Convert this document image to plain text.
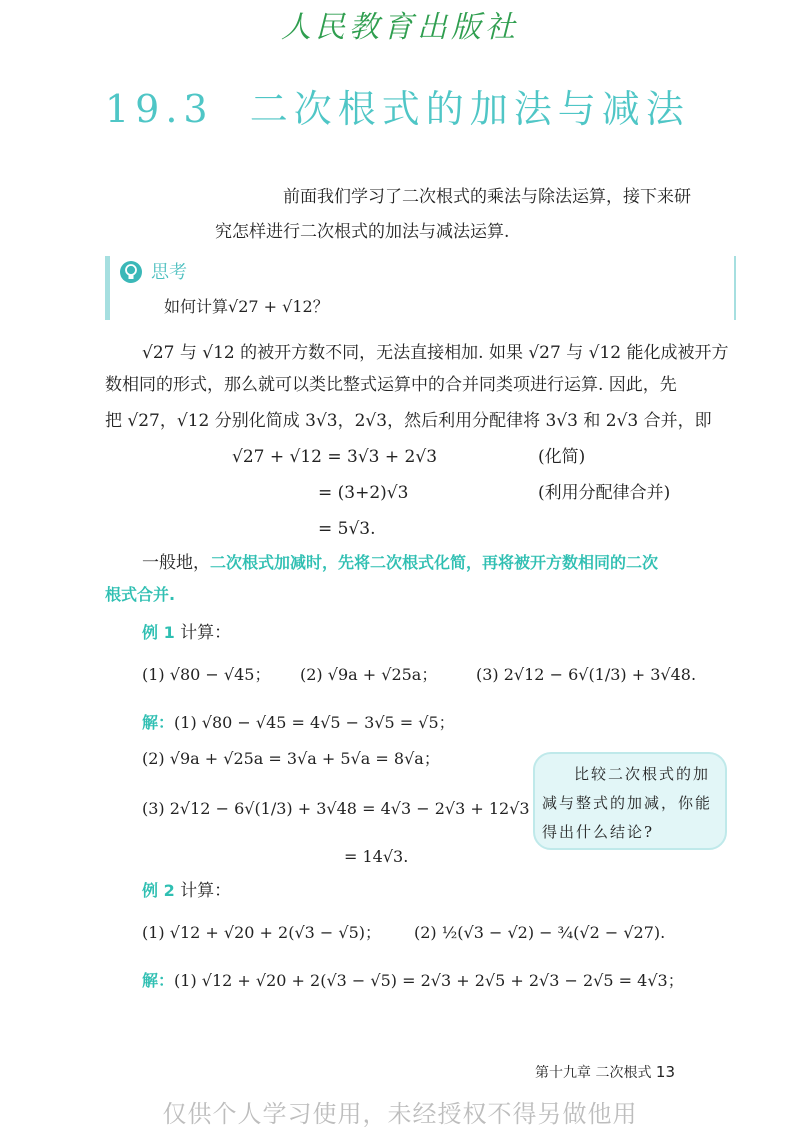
人民教育出版社
19.3 二次根式的加法与减法

前面我们学习了二次根式的乘法与除法运算，接下来研

究怎样进行二次根式的加法与减法运算.

思考
如何计算√27 + √12？
√27 与 √12 的被开方数不同，无法直接相加. 如果 √27 与 √12 能化成被开方
数相同的形式，那么就可以类比整式运算中的合并同类项进行运算. 因此，先
把 √27，√12 分别化简成 3√3，2√3，然后利用分配律将 3√3 和 2√3 合并，即
√27 + √12 = 3√3 + 2√3	(化简)
= (3+2)√3	(利用分配律合并)
= 5√3.
一般地，二次根式加减时，先将二次根式化简，再将被开方数相同的二次
根式合并.
例 1 计算：
(1) √80 − √45； (2) √9a + √25a； (3) 2√12 − 6√(1/3) + 3√48.
解：(1) √80 − √45 = 4√5 − 3√5 = √5；
(2) √9a + √25a = 3√a + 5√a = 8√a；
(3) 2√12 − 6√(1/3) + 3√48 = 4√3 − 2√3 + 12√3
= 14√3.
比较二次根式的加减与整式的加减，你能得出什么结论?
例 2 计算：
(1) √12 + √20 + 2(√3 − √5)； (2) ½(√3 − √2) − ¾(√2 − √27).
解：(1) √12 + √20 + 2(√3 − √5) = 2√3 + 2√5 + 2√3 − 2√5 = 4√3；
第十九章 二次根式 13
仅供个人学习使用，未经授权不得另做他用
